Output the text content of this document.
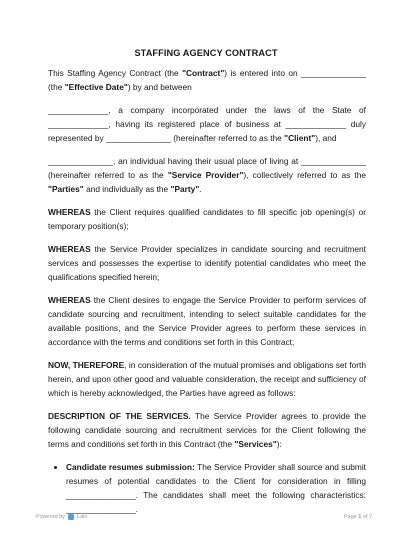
STAFFING AGENCY CONTRACT

This Staffing Agency Contract (the "Contract") is entered into on ______________ (the "Effective Date") by and between

_____________, a company incorporated under the laws of the State of _____________, having its registered place of business at _____________ duly represented by ______________ (hereinafter referred to as the "Client"), and

______________, an individual having their usual place of living at ______________ (hereinafter referred to as the "Service Provider"), collectively referred to as the "Parties" and individually as the "Party".

WHEREAS the Client requires qualified candidates to fill specific job opening(s) or temporary position(s);

WHEREAS the Service Provider specializes in candidate sourcing and recruitment services and possesses the expertise to identify potential candidates who meet the qualifications specified herein;

WHEREAS the Client desires to engage the Service Provider to perform services of candidate sourcing and recruitment, intending to select suitable candidates for the available positions, and the Service Provider agrees to perform these services in accordance with the terms and conditions set forth in this Contract;

NOW, THEREFORE, in consideration of the mutual promises and obligations set forth herein, and upon other good and valuable consideration, the receipt and sufficiency of which is hereby acknowledged, the Parties have agreed as follows:

DESCRIPTION OF THE SERVICES. The Service Provider agrees to provide the following candidate sourcing and recruitment services for the Client following the terms and conditions set forth in this Contract (the "Services"):

• Candidate resumes submission: The Service Provider shall source and submit resumes of potential candidates to the Client for consideration in filling _______________. The candidates shall meet the following characteristics: _______________.
Powered by Lalo	Page 1 of 7
